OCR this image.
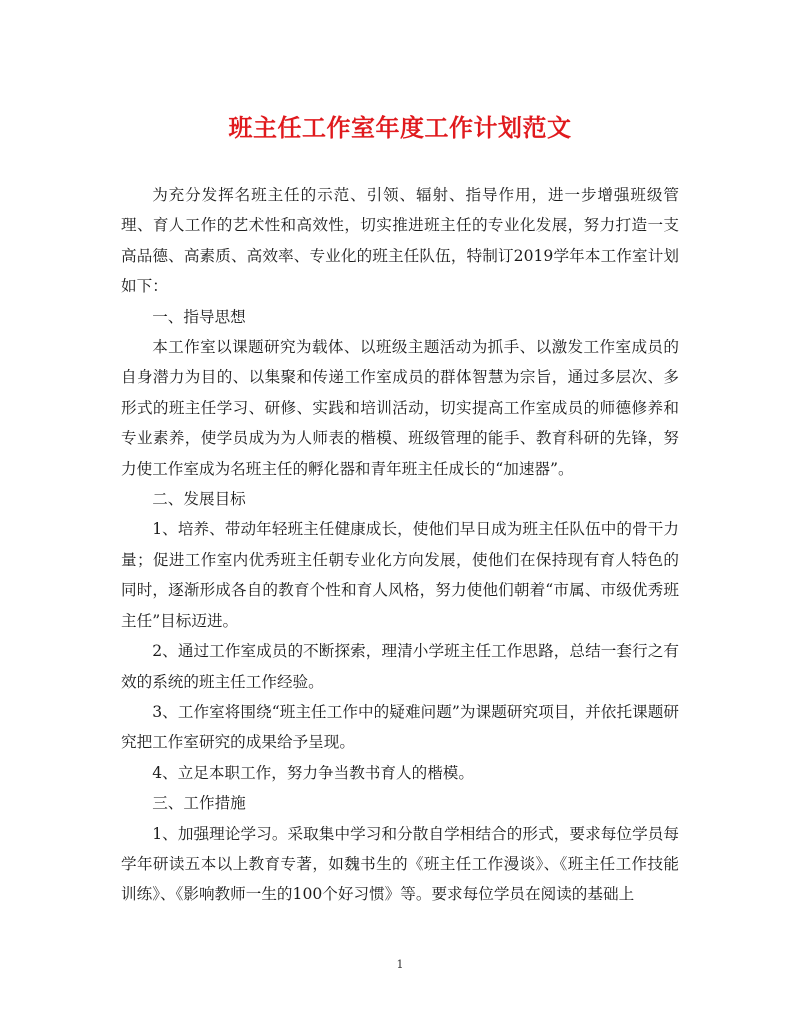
班主任工作室年度工作计划范文

为充分发挥名班主任的示范、引领、辐射、指导作用，进一步增强班级管理、育人工作的艺术性和高效性，切实推进班主任的专业化发展，努力打造一支高品德、高素质、高效率、专业化的班主任队伍，特制订2019学年本工作室计划如下：

一、指导思想

本工作室以课题研究为载体、以班级主题活动为抓手、以激发工作室成员的自身潜力为目的、以集聚和传递工作室成员的群体智慧为宗旨，通过多层次、多形式的班主任学习、研修、实践和培训活动，切实提高工作室成员的师德修养和专业素养，使学员成为为人师表的楷模、班级管理的能手、教育科研的先锋，努力使工作室成为名班主任的孵化器和青年班主任成长的“加速器”。

二、发展目标

1、培养、带动年轻班主任健康成长，使他们早日成为班主任队伍中的骨干力量；促进工作室内优秀班主任朝专业化方向发展，使他们在保持现有育人特色的同时，逐渐形成各自的教育个性和育人风格，努力使他们朝着“市属、市级优秀班主任”目标迈进。

2、通过工作室成员的不断探索，理清小学班主任工作思路，总结一套行之有效的系统的班主任工作经验。

3、工作室将围绕“班主任工作中的疑难问题”为课题研究项目，并依托课题研究把工作室研究的成果给予呈现。

4、立足本职工作，努力争当教书育人的楷模。

三、工作措施

1、加强理论学习。采取集中学习和分散自学相结合的形式，要求每位学员每学年研读五本以上教育专著，如魏书生的《班主任工作漫谈》、《班主任工作技能训练》、《影响教师一生的100个好习惯》等。要求每位学员在阅读的基础上

1
